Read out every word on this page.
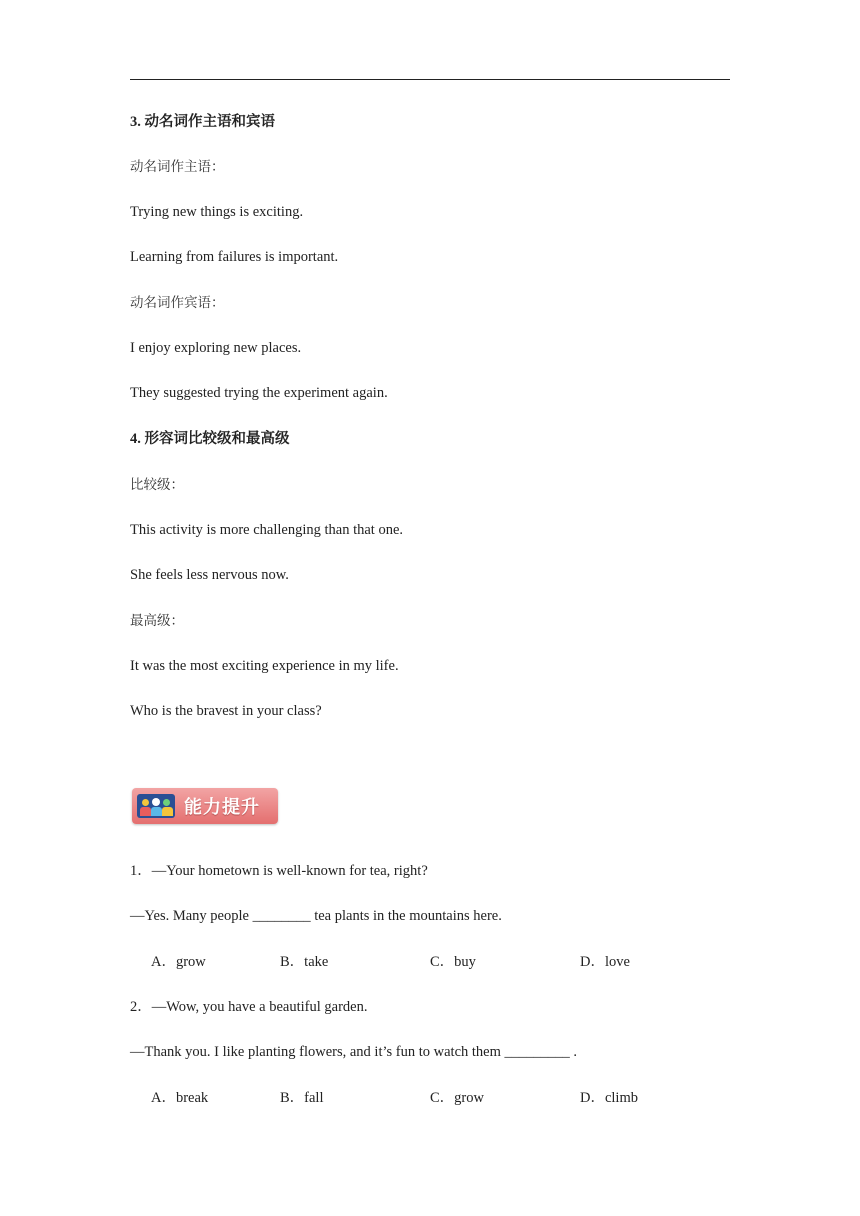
3. 动名词作主语和宾语
动名词作主语：
Trying new things is exciting.
Learning from failures is important.
动名词作宾语：
I enjoy exploring new places.
They suggested trying the experiment again.
4. 形容词比较级和最高级
比较级：
This activity is more challenging than that one.
She feels less nervous now.
最高级：
It was the most exciting experience in my life.
Who is the bravest in your class?
能力提升
1．—Your hometown is well-known for tea, right?
—Yes. Many people ________ tea plants in the mountains here.
A．grow	B．take	C．buy	D．love
2．—Wow, you have a beautiful garden.
—Thank you. I like planting flowers, and it’s fun to watch them _________ .
A．break	B．fall	C．grow	D．climb
